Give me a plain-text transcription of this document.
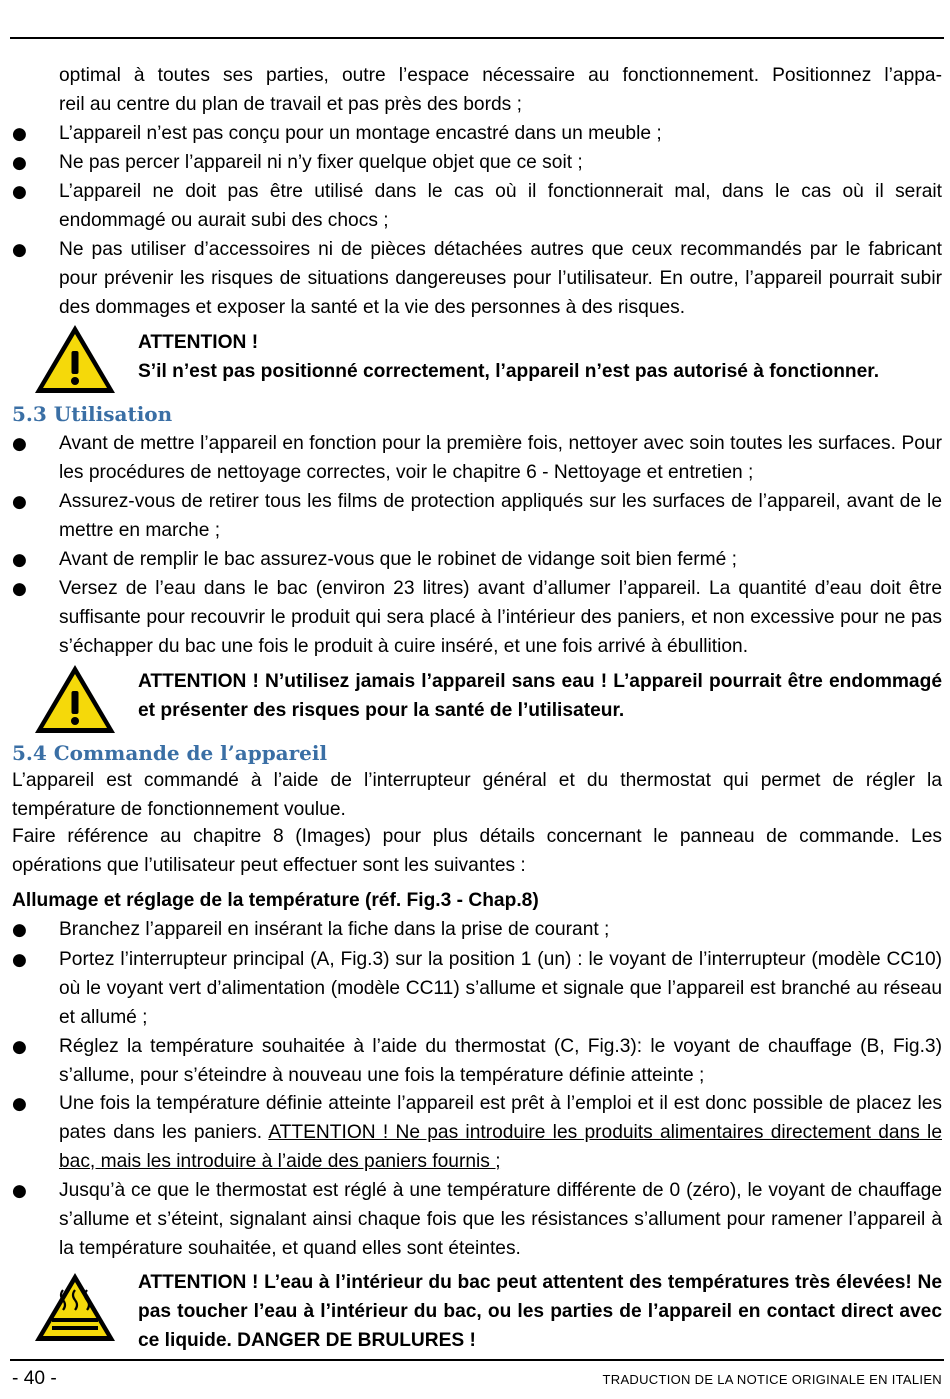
optimal à toutes ses parties, outre l’espace nécessaire au fonctionnement. Positionnez l’appa-
reil au centre du plan de travail et pas près des bords ;
● L’appareil n’est pas conçu pour un montage encastré dans un meuble ;
● Ne pas percer l’appareil ni n’y fixer quelque objet que ce soit ;
● L’appareil ne doit pas être utilisé dans le cas où il fonctionnerait mal, dans le cas où il serait endommagé ou aurait subi des chocs ;
● Ne pas utiliser d’accessoires ni de pièces détachées autres que ceux recommandés par le fabricant pour prévenir les risques de situations dangereuses pour l’utilisateur. En outre, l’appareil pourrait subir des dommages et exposer la santé et la vie des personnes à des risques.
ATTENTION !
S’il n’est pas positionné correctement, l’appareil n’est pas autorisé à fonctionner.
5.3 Utilisation
● Avant de mettre l’appareil en fonction pour la première fois, nettoyer avec soin toutes les surfaces. Pour les procédures de nettoyage correctes, voir le chapitre 6 - Nettoyage et entretien ;
● Assurez-vous de retirer tous les films de protection appliqués sur les surfaces de l’appareil, avant de le mettre en marche ;
● Avant de remplir le bac assurez-vous que le robinet de vidange soit bien fermé ;
● Versez de l’eau dans le bac (environ 23 litres) avant d’allumer l’appareil. La quantité d’eau doit être suffisante pour recouvrir le produit qui sera placé à l’intérieur des paniers, et non excessive pour ne pas s’échapper du bac une fois le produit à cuire inséré, et une fois arrivé à ébullition.
ATTENTION ! N’utilisez jamais l’appareil sans eau ! L’appareil pourrait être endommagé et présenter des risques pour la santé de l’utilisateur.
5.4 Commande de l’appareil
L’appareil est commandé à l’aide de l’interrupteur général et du thermostat qui permet de régler la température de fonctionnement voulue.
Faire référence au chapitre 8 (Images) pour plus détails concernant le panneau de commande. Les opérations que l’utilisateur peut effectuer sont les suivantes :
Allumage et réglage de la température (réf. Fig.3 - Chap.8)
● Branchez l’appareil en insérant la fiche dans la prise de courant ;
● Portez l’interrupteur principal (A, Fig.3) sur la position 1 (un) : le voyant de l’interrupteur (modèle CC10) où le voyant vert d’alimentation (modèle CC11) s’allume et signale que l’appareil est branché au réseau et allumé ;
● Réglez la température souhaitée à l’aide du thermostat (C, Fig.3): le voyant de chauffage (B, Fig.3) s’allume, pour s’éteindre à nouveau une fois la température définie atteinte ;
● Une fois la température définie atteinte l’appareil est prêt à l’emploi et il est donc possible de placez les pates dans les paniers. ATTENTION ! Ne pas introduire les produits alimentaires directement dans le bac, mais les introduire à l’aide des paniers fournis ;
● Jusqu’à ce que le thermostat est réglé à une température différente de 0 (zéro), le voyant de chauffage s’allume et s’éteint, signalant ainsi chaque fois que les résistances s’allument pour ramener l’appareil à la température souhaitée, et quand elles sont éteintes.
ATTENTION ! L’eau à l’intérieur du bac peut attentent des températures très élevées! Ne pas toucher l’eau à l’intérieur du bac, ou les parties de l’appareil en contact direct avec ce liquide. DANGER DE BRULURES !
- 40 -	TRADUCTION DE LA NOTICE ORIGINALE EN ITALIEN
